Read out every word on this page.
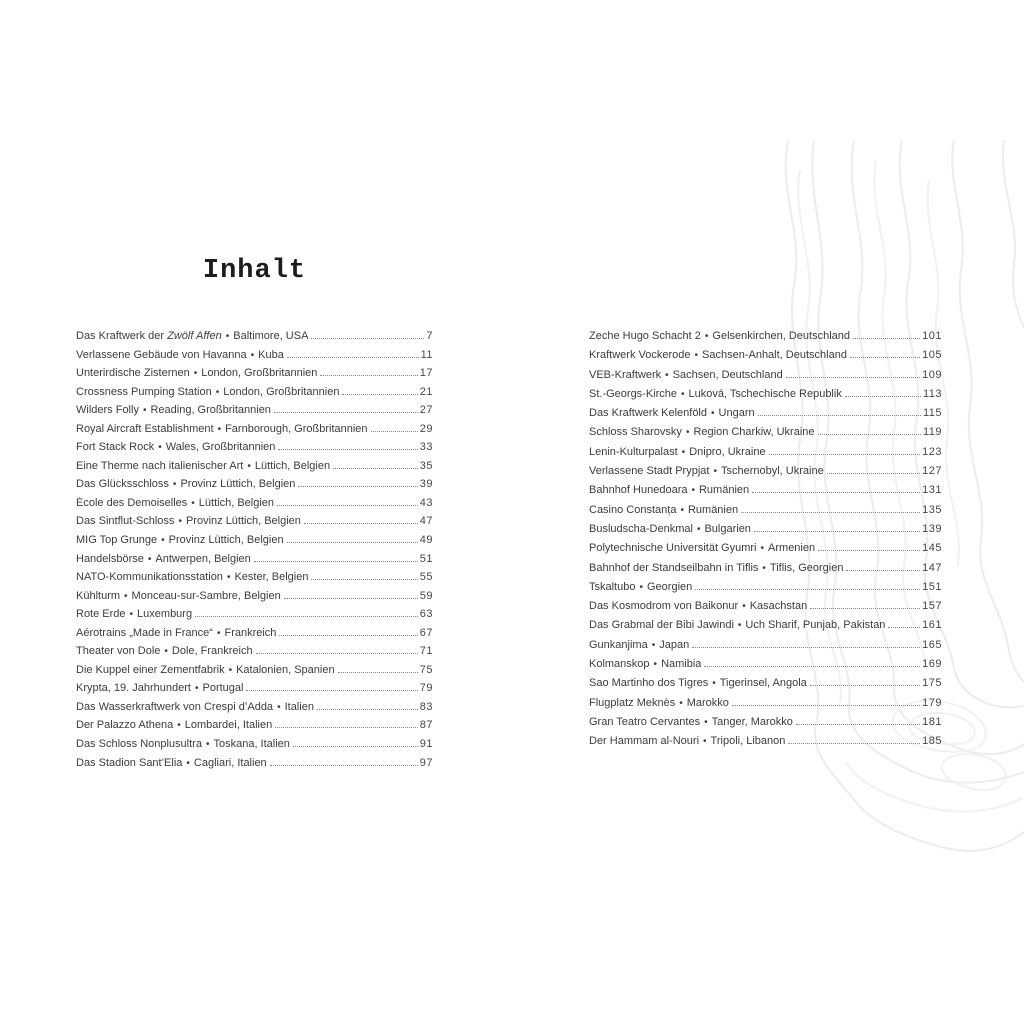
Inhalt
Das Kraftwerk der Zwölf Affen • Baltimore, USA	7
Verlassene Gebäude von Havanna • Kuba	11
Unterirdische Zisternen • London, Großbritannien	17
Crossness Pumping Station • London, Großbritannien	21
Wilders Folly • Reading, Großbritannien	27
Royal Aircraft Establishment • Farnborough, Großbritannien	29
Fort Stack Rock • Wales, Großbritannien	33
Eine Therme nach italienischer Art • Lüttich, Belgien	35
Das Glücksschloss • Provinz Lüttich, Belgien	39
École des Demoiselles • Lüttich, Belgien	43
Das Sintflut-Schloss • Provinz Lüttich, Belgien	47
MIG Top Grunge • Provinz Lüttich, Belgien	49
Handelsbörse • Antwerpen, Belgien	51
NATO-Kommunikationsstation • Kester, Belgien	55
Kühlturm • Monceau-sur-Sambre, Belgien	59
Rote Erde • Luxemburg	63
Aérotrains „Made in France“ • Frankreich	67
Theater von Dole • Dole, Frankreich	71
Die Kuppel einer Zementfabrik • Katalonien, Spanien	75
Krypta, 19. Jahrhundert • Portugal	79
Das Wasserkraftwerk von Crespi d’Adda • Italien	83
Der Palazzo Athena • Lombardei, Italien	87
Das Schloss Nonplusultra • Toskana, Italien	91
Das Stadion Sant’Elia • Cagliari, Italien	97
Zeche Hugo Schacht 2 • Gelsenkirchen, Deutschland	101
Kraftwerk Vockerode • Sachsen-Anhalt, Deutschland	105
VEB-Kraftwerk • Sachsen, Deutschland	109
St.-Georgs-Kirche • Luková, Tschechische Republik	113
Das Kraftwerk Kelenföld • Ungarn	115
Schloss Sharovsky • Region Charkiw, Ukraine	119
Lenin-Kulturpalast • Dnipro, Ukraine	123
Verlassene Stadt Prypjat • Tschernobyl, Ukraine	127
Bahnhof Hunedoara • Rumänien	131
Casino Constanța • Rumänien	135
Busludscha-Denkmal • Bulgarien	139
Polytechnische Universität Gyumri • Armenien	145
Bahnhof der Standseilbahn in Tiflis • Tiflis, Georgien	147
Tskaltubo • Georgien	151
Das Kosmodrom von Baikonur • Kasachstan	157
Das Grabmal der Bibi Jawindi • Uch Sharif, Punjab, Pakistan	161
Gunkanjima • Japan	165
Kolmanskop • Namibia	169
Sao Martinho dos Tigres • Tigerinsel, Angola	175
Flugplatz Meknès • Marokko	179
Gran Teatro Cervantes • Tanger, Marokko	181
Der Hammam al-Nouri • Tripoli, Libanon	185
